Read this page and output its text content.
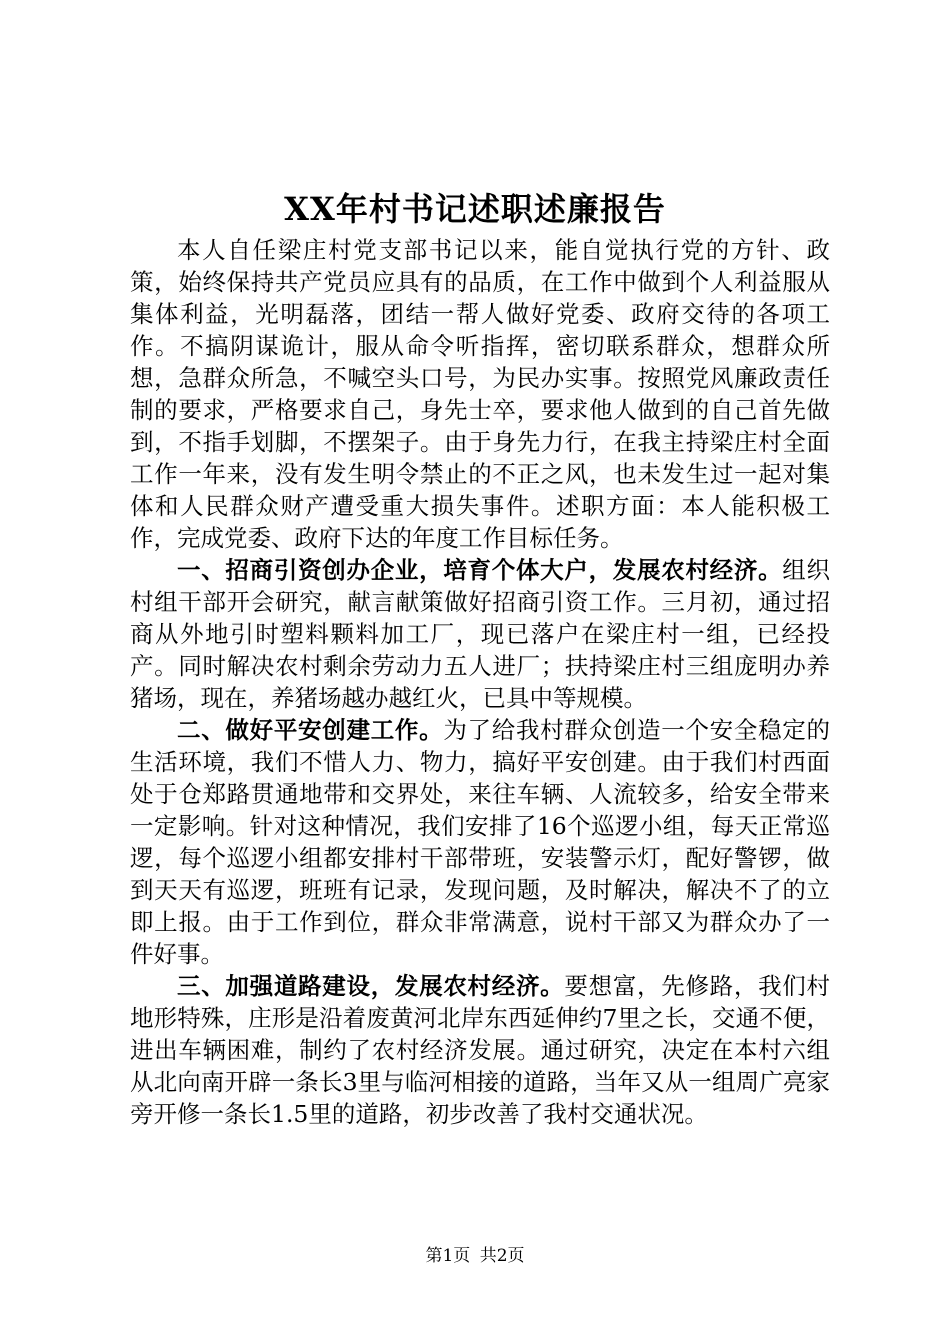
XX年村书记述职述廉报告

本人自任梁庄村党支部书记以来，能自觉执行党的方针、政策，始终保持共产党员应具有的品质，在工作中做到个人利益服从集体利益，光明磊落，团结一帮人做好党委、政府交待的各项工作。不搞阴谋诡计，服从命令听指挥，密切联系群众，想群众所想，急群众所急，不喊空头口号，为民办实事。按照党风廉政责任制的要求，严格要求自己，身先士卒，要求他人做到的自己首先做到，不指手划脚，不摆架子。由于身先力行，在我主持梁庄村全面工作一年来，没有发生明令禁止的不正之风，也未发生过一起对集体和人民群众财产遭受重大损失事件。述职方面：本人能积极工作，完成党委、政府下达的年度工作目标任务。

一、招商引资创办企业，培育个体大户，发展农村经济。组织村组干部开会研究，献言献策做好招商引资工作。三月初，通过招商从外地引时塑料颗料加工厂，现已落户在梁庄村一组，已经投产。同时解决农村剩余劳动力五人进厂；扶持梁庄村三组庞明办养猪场，现在，养猪场越办越红火，已具中等规模。

二、做好平安创建工作。为了给我村群众创造一个安全稳定的生活环境，我们不惜人力、物力，搞好平安创建。由于我们村西面处于仓郑路贯通地带和交界处，来往车辆、人流较多，给安全带来一定影响。针对这种情况，我们安排了16个巡逻小组，每天正常巡逻，每个巡逻小组都安排村干部带班，安装警示灯，配好警锣，做到天天有巡逻，班班有记录，发现问题，及时解决，解决不了的立即上报。由于工作到位，群众非常满意，说村干部又为群众办了一件好事。

三、加强道路建设，发展农村经济。要想富，先修路，我们村地形特殊，庄形是沿着废黄河北岸东西延伸约7里之长，交通不便，进出车辆困难，制约了农村经济发展。通过研究，决定在本村六组从北向南开辟一条长3里与临河相接的道路，当年又从一组周广亮家旁开修一条长1.5里的道路，初步改善了我村交通状况。

第1页 共2页
